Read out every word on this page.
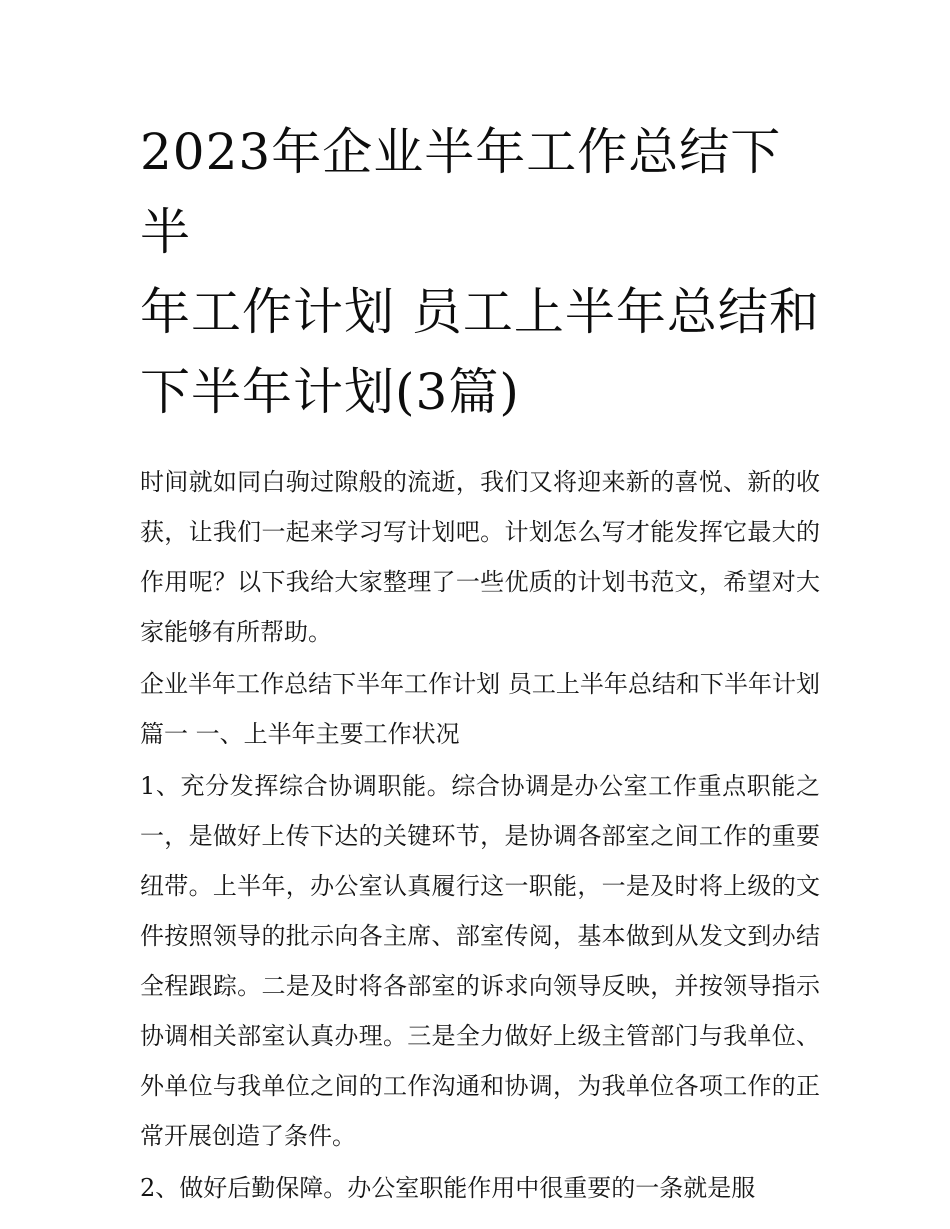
2023年企业半年工作总结下半
年工作计划 员工上半年总结和
下半年计划(3篇)

时间就如同白驹过隙般的流逝，我们又将迎来新的喜悦、新的收获，让我们一起来学习写计划吧。计划怎么写才能发挥它最大的作用呢？以下我给大家整理了一些优质的计划书范文，希望对大家能够有所帮助。

企业半年工作总结下半年工作计划 员工上半年总结和下半年计划篇一 一、上半年主要工作状况

1、充分发挥综合协调职能。综合协调是办公室工作重点职能之一，是做好上传下达的关键环节，是协调各部室之间工作的重要纽带。上半年，办公室认真履行这一职能，一是及时将上级的文件按照领导的批示向各主席、部室传阅，基本做到从发文到办结全程跟踪。二是及时将各部室的诉求向领导反映，并按领导指示协调相关部室认真办理。三是全力做好上级主管部门与我单位、外单位与我单位之间的工作沟通和协调，为我单位各项工作的正常开展创造了条件。

2、做好后勤保障。办公室职能作用中很重要的一条就是服
